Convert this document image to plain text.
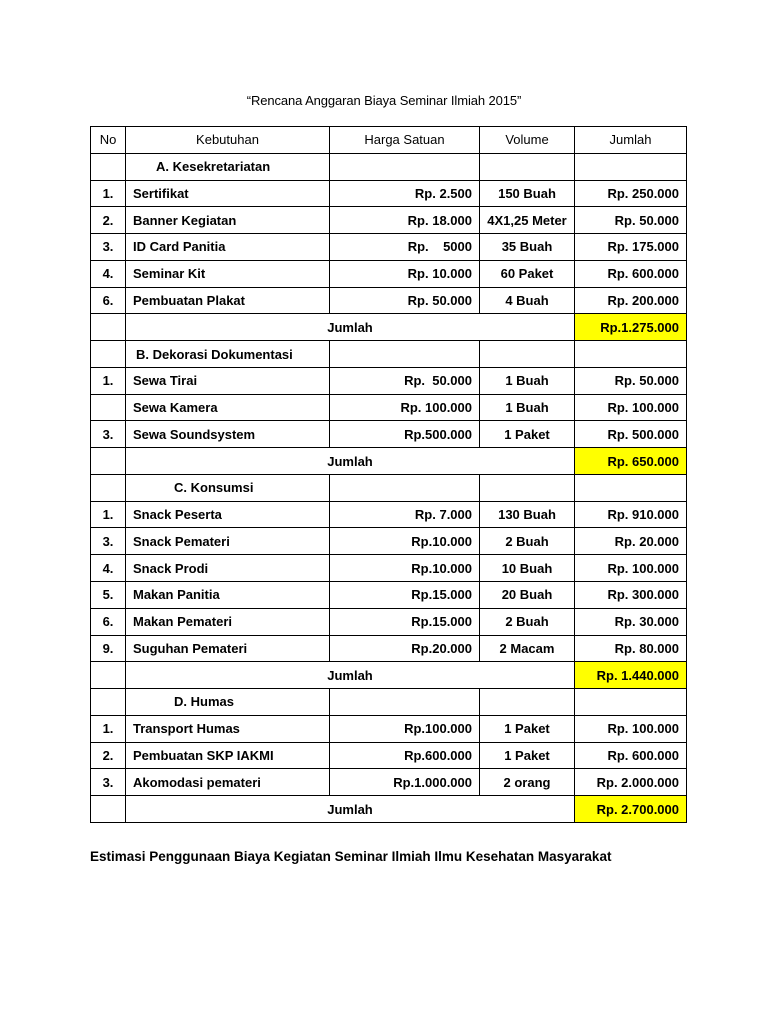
“Rencana Anggaran Biaya Seminar Ilmiah 2015”
No	Kebutuhan	Harga Satuan	Volume	Jumlah
	A. Kesekretariatan			
1.	Sertifikat	Rp. 2.500	150 Buah	Rp. 250.000
2.	Banner Kegiatan	Rp. 18.000	4X1,25 Meter	Rp. 50.000
3.	ID Card Panitia	Rp.    5000	35 Buah	Rp. 175.000
4.	Seminar Kit	Rp. 10.000	60 Paket	Rp. 600.000
6.	Pembuatan Plakat	Rp. 50.000	4 Buah	Rp. 200.000
	Jumlah			Rp.1.275.000
	B. Dekorasi Dokumentasi			
1.	Sewa Tirai	Rp.  50.000	1 Buah	Rp. 50.000
	Sewa Kamera	Rp. 100.000	1 Buah	Rp. 100.000
3.	Sewa Soundsystem	Rp.500.000	1 Paket	Rp. 500.000
	Jumlah			Rp. 650.000
	C. Konsumsi			
1.	Snack Peserta	Rp. 7.000	130 Buah	Rp. 910.000
3.	Snack Pemateri	Rp.10.000	2 Buah	Rp. 20.000
4.	Snack Prodi	Rp.10.000	10 Buah	Rp. 100.000
5.	Makan Panitia	Rp.15.000	20 Buah	Rp. 300.000
6.	Makan Pemateri	Rp.15.000	2 Buah	Rp. 30.000
9.	Suguhan Pemateri	Rp.20.000	2 Macam	Rp. 80.000
	Jumlah			Rp. 1.440.000
	D. Humas			
1.	Transport Humas	Rp.100.000	1 Paket	Rp. 100.000
2.	Pembuatan SKP IAKMI	Rp.600.000	1 Paket	Rp. 600.000
3.	Akomodasi pemateri	Rp.1.000.000	2 orang	Rp. 2.000.000
	Jumlah			Rp. 2.700.000
Estimasi Penggunaan Biaya Kegiatan Seminar Ilmiah Ilmu Kesehatan Masyarakat
